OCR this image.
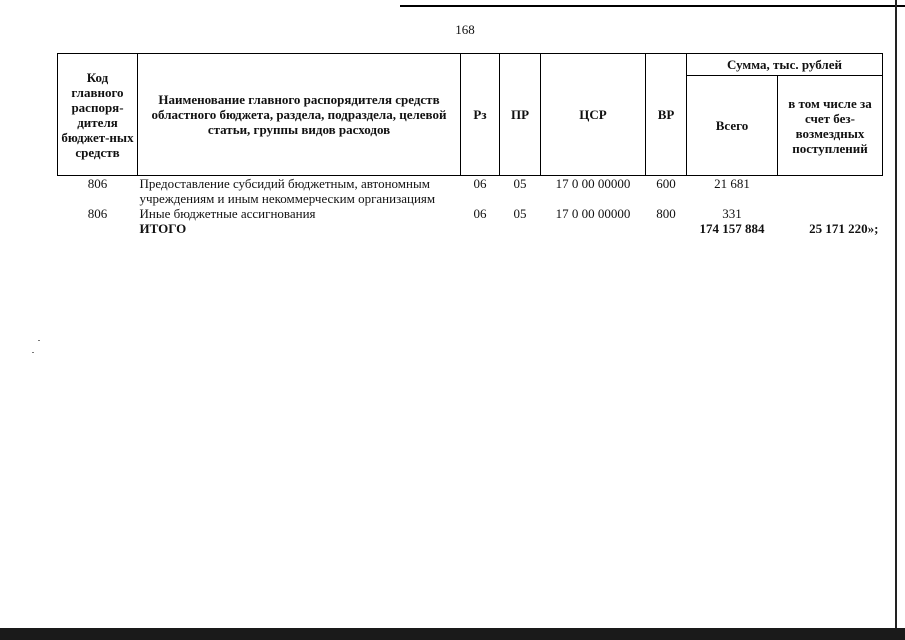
168
Код главного распоря-дителя бюджет-ных средств	Наименование главного распорядителя средств областного бюджета, раздела, подраздела, целевой статьи, группы видов расходов	Рз	ПР	ЦСР	ВР	Сумма, тыс. рублей	
						Всего	в том числе за счет без-возмездных поступлений
806	Предоставление субсидий бюджетным, автономным учреждениям и иным некоммерческим организациям	06	05	17 0 00 00000	600	21 681	
806	Иные бюджетные ассигнования	06	05	17 0 00 00000	800	331	
	ИТОГО					174 157 884	25 171 220»;
